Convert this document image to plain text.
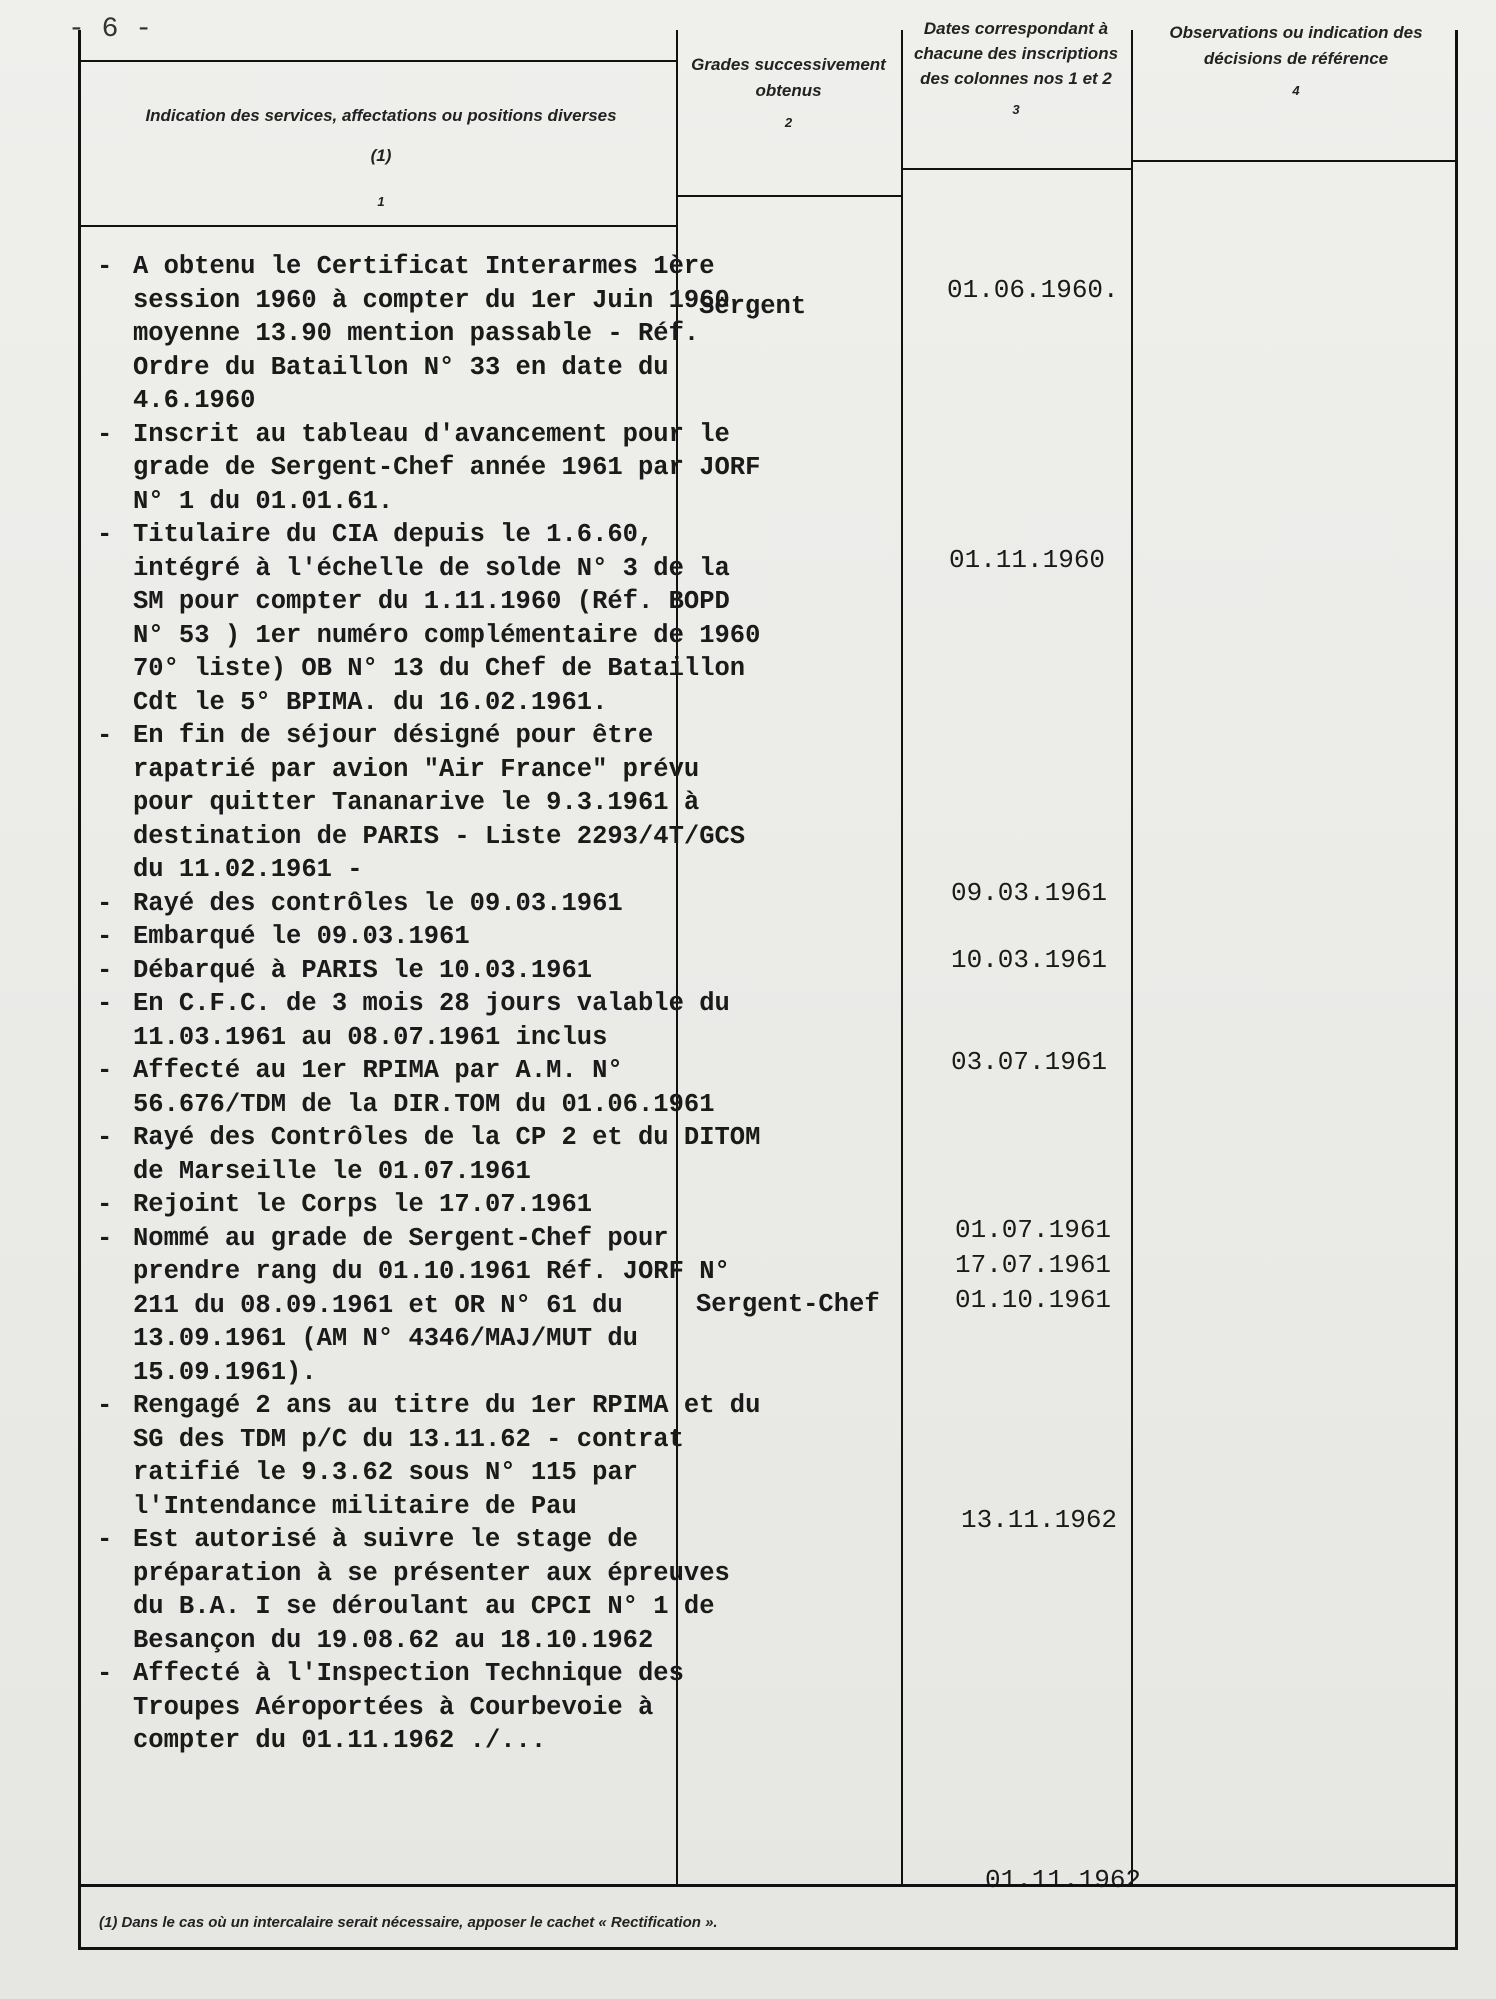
- 6 -
Indication des services, affectations ou positions diverses (1)
1
Grades successivement obtenus
2
Dates correspondant à chacune des inscriptions des colonnes nos 1 et 2
3
Observations ou indication des décisions de référence
4

- A obtenu le Certificat Interarmes 1ère session 1960 à compter du 1er Juin 1960 moyenne 13.90 mention passable - Réf. Ordre du Bataillon N° 33 en date du 4.6.1960

- Inscrit au tableau d'avancement pour le grade de Sergent-Chef année 1961 par JORF N° 1 du 01.01.61.

- Titulaire du CIA depuis le 1.6.60, intégré à l'échelle de solde N° 3 de la SM pour compter du 1.11.1960 (Réf. BOPD N° 53 ) 1er numéro complémentaire de 1960 70° liste) OB N° 13 du Chef de Bataillon Cdt le 5° BPIMA. du 16.02.1961.

- En fin de séjour désigné pour être rapatrié par avion "Air France" prévu pour quitter Tananarive le 9.3.1961 à destination de PARIS - Liste 2293/4T/GCS du 11.02.1961 -

- Rayé des contrôles le 09.03.1961

- Embarqué le 09.03.1961

- Débarqué à PARIS le 10.03.1961

- En C.F.C. de 3 mois 28 jours valable du 11.03.1961 au 08.07.1961 inclus

- Affecté au 1er RPIMA par A.M. N° 56.676/TDM de la DIR.TOM du 01.06.1961

- Rayé des Contrôles de la CP 2 et du DITOM de Marseille le 01.07.1961

- Rejoint le Corps le 17.07.1961

- Nommé au grade de Sergent-Chef pour prendre rang du 01.10.1961 Réf. JORF N° 211 du 08.09.1961 et OR N° 61 du 13.09.1961 (AM N° 4346/MAJ/MUT du 15.09.1961).

- Rengagé 2 ans au titre du 1er RPIMA et du SG des TDM p/C du 13.11.62 - contrat ratifié le 9.3.62 sous N° 115 par l'Intendance militaire de Pau

- Est autorisé à suivre le stage de préparation à se présenter aux épreuves du B.A. I se déroulant au CPCI N° 1 de Besançon du 19.08.62 au 18.10.1962

- Affecté à l'Inspection Technique des Troupes Aéroportées à Courbevoie à compter du 01.11.1962 ./...

Sergent
Sergent-Chef
01.06.1960.
01.11.1960
09.03.1961
10.03.1961
03.07.1961
01.07.1961
17.07.1961
01.10.1961
13.11.1962
01.11.1962
(1) Dans le cas où un intercalaire serait nécessaire, apposer le cachet « Rectification ».
